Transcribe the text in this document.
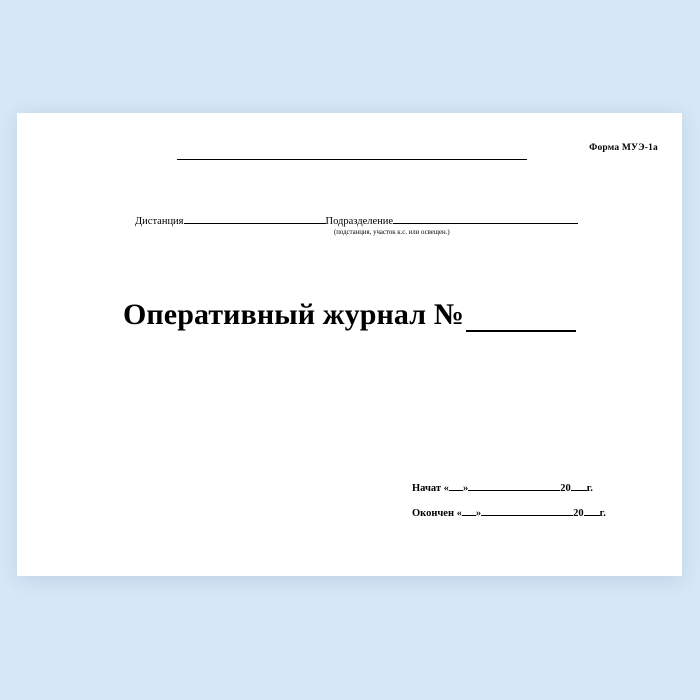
Форма МУЭ-1а
Дистанция	Подразделение
(подстанция, участок к.с. или освещен.)
Оперативный журнал №
Начат « »	20 г.
Окончен « »	20 г.
